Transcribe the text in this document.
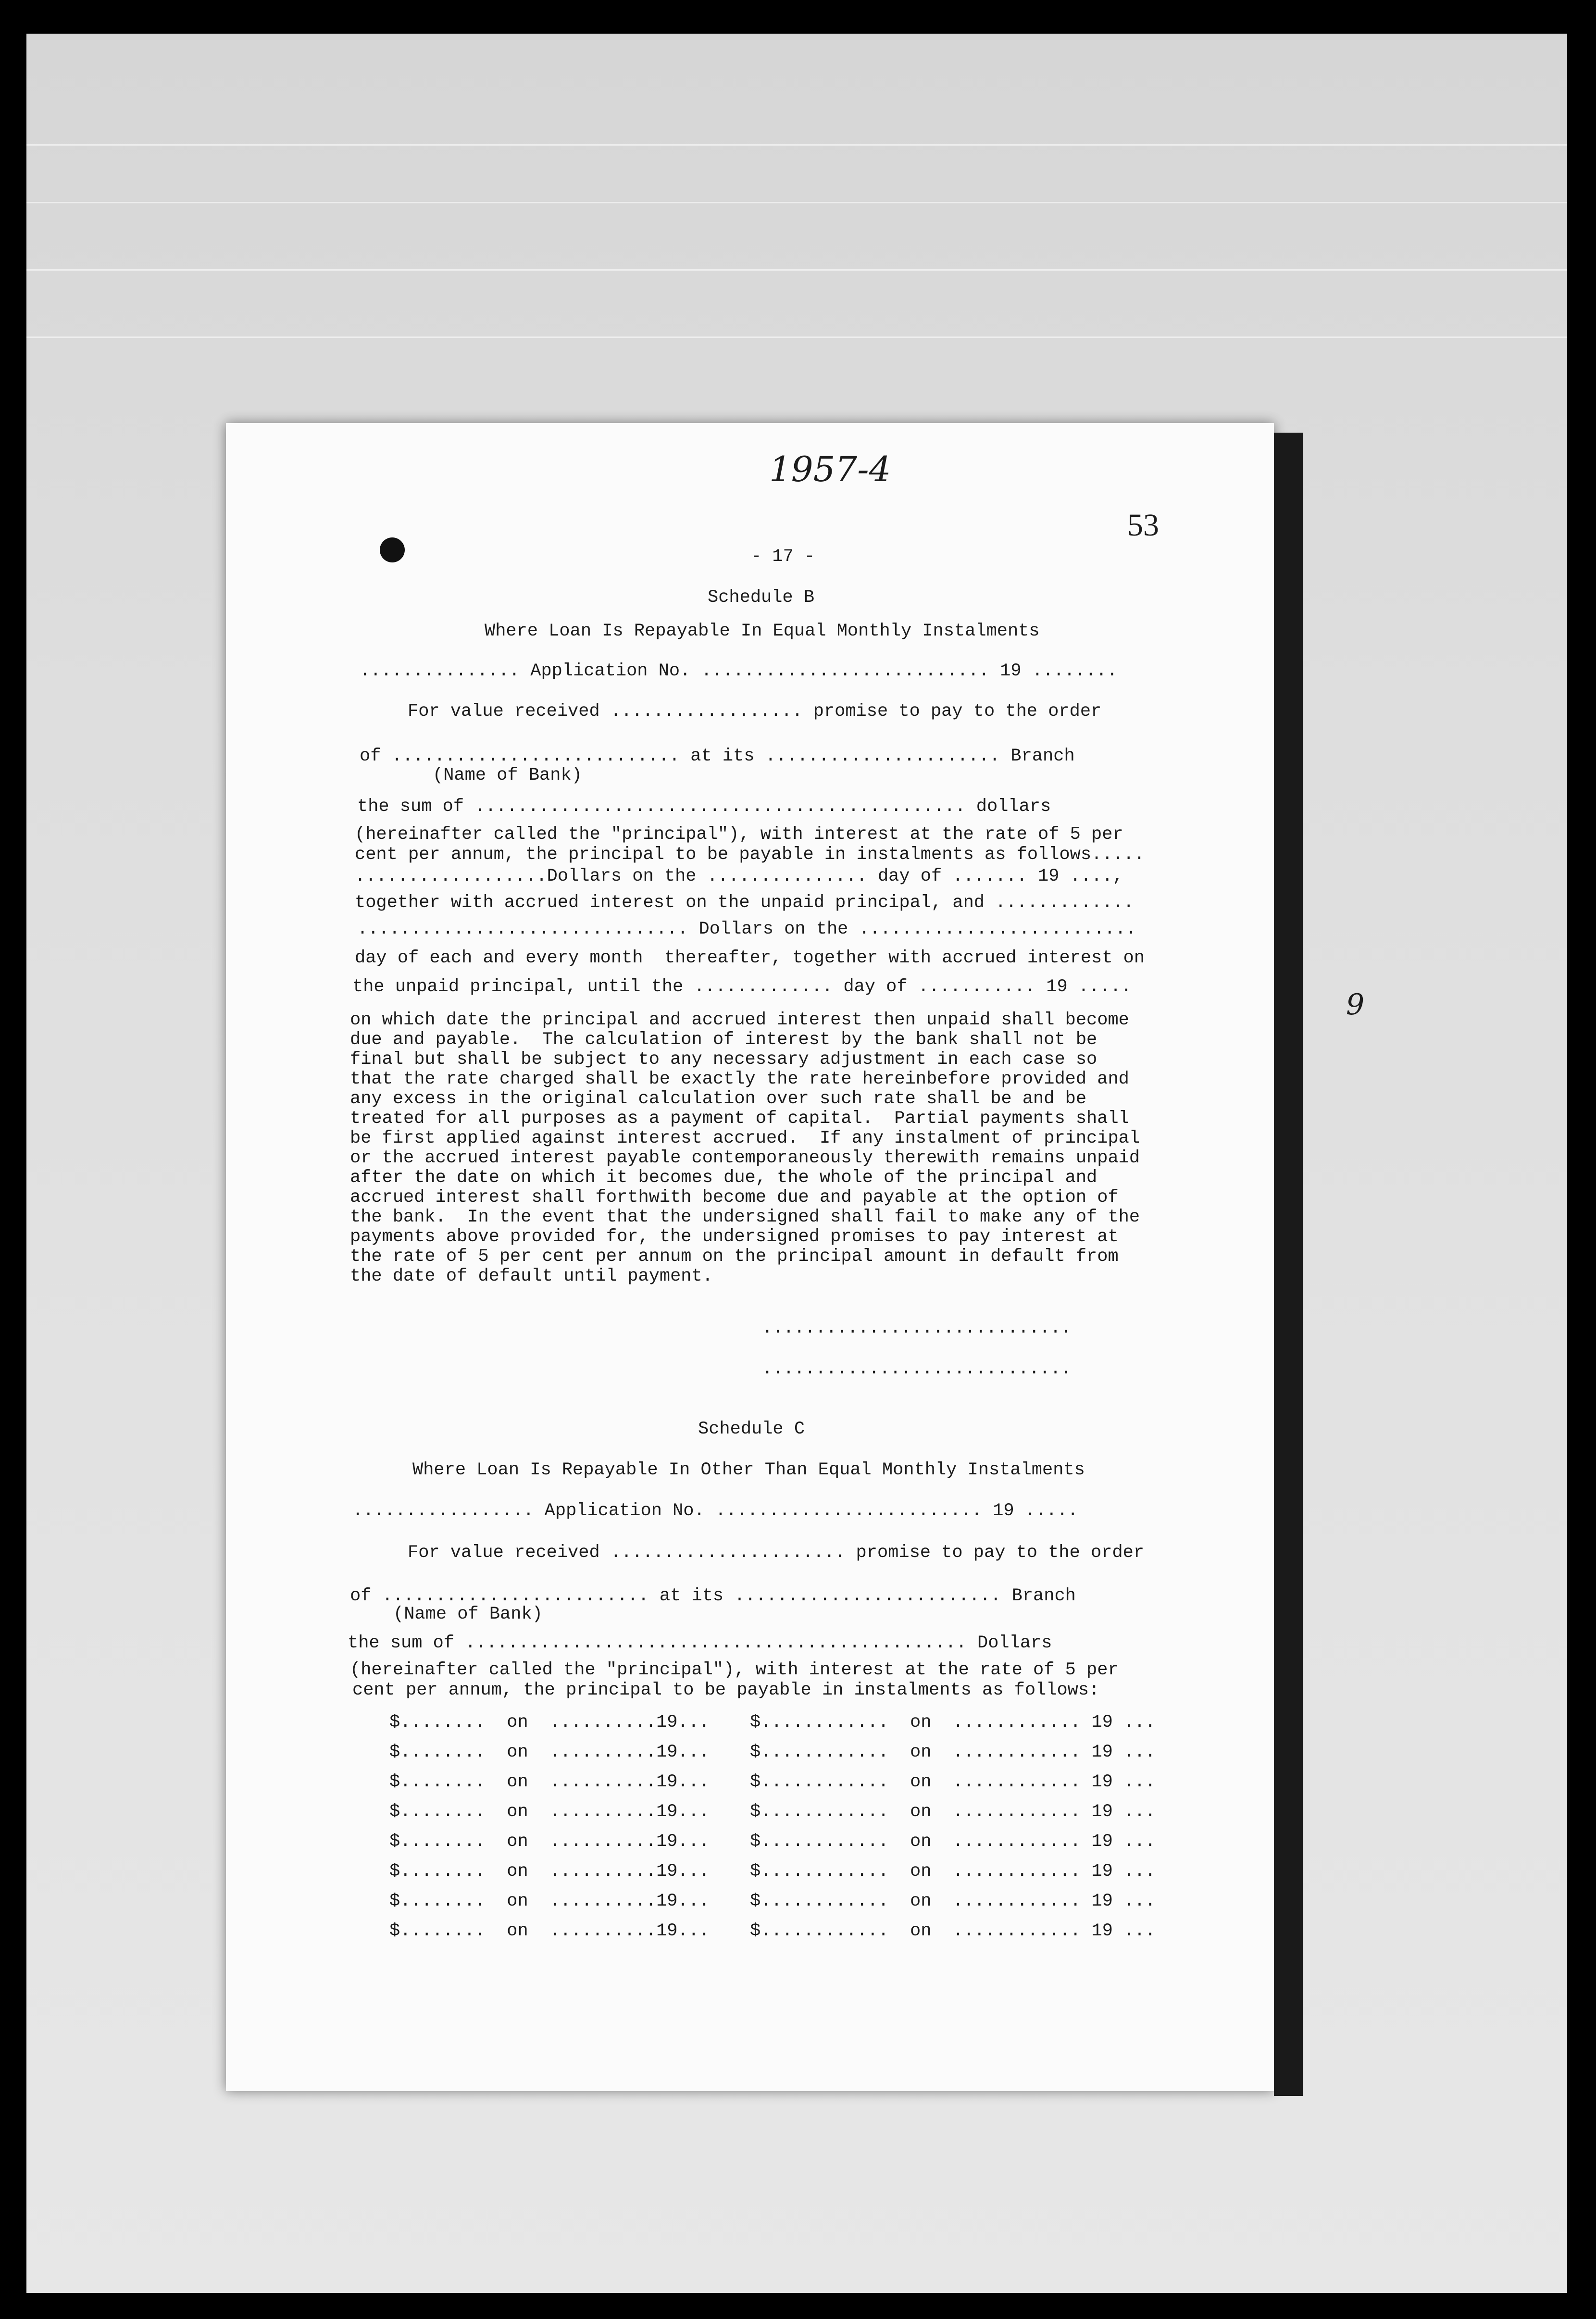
1957-4
53
- 17 -
Schedule B
Where Loan Is Repayable In Equal Monthly Instalments
............... Application No. ........................... 19 ........
For value received .................. promise to pay to the order
of ........................... at its ...................... Branch
(Name of Bank)
the sum of .............................................. dollars
(hereinafter called the "principal"), with interest at the rate of 5 per
cent per annum, the principal to be payable in instalments as follows.....
..................Dollars on the ............... day of ....... 19 ....,
together with accrued interest on the unpaid principal, and .............
............................... Dollars on the ..........................
day of each and every month  thereafter, together with accrued interest on
the unpaid principal, until the ............. day of ........... 19 .....
on which date the principal and accrued interest then unpaid shall become
due and payable.  The calculation of interest by the bank shall not be
final but shall be subject to any necessary adjustment in each case so
that the rate charged shall be exactly the rate hereinbefore provided and
any excess in the original calculation over such rate shall be and be
treated for all purposes as a payment of capital.  Partial payments shall
be first applied against interest accrued.  If any instalment of principal
or the accrued interest payable contemporaneously therewith remains unpaid
after the date on which it becomes due, the whole of the principal and
accrued interest shall forthwith become due and payable at the option of
the bank.  In the event that the undersigned shall fail to make any of the
payments above provided for, the undersigned promises to pay interest at
the rate of 5 per cent per annum on the principal amount in default from
the date of default until payment.
.............................
.............................
Schedule C
Where Loan Is Repayable In Other Than Equal Monthly Instalments
................. Application No. ......................... 19 .....
For value received ...................... promise to pay to the order
of ......................... at its ......................... Branch
(Name of Bank)
the sum of ............................................... Dollars
(hereinafter called the "principal"), with interest at the rate of 5 per
cent per annum, the principal to be payable in instalments as follows:
$........  on  ..........19... $............  on  ............ 19 ...
$........  on  ..........19... $............  on  ............ 19 ...
$........  on  ..........19... $............  on  ............ 19 ...
$........  on  ..........19... $............  on  ............ 19 ...
$........  on  ..........19... $............  on  ............ 19 ...
$........  on  ..........19... $............  on  ............ 19 ...
$........  on  ..........19... $............  on  ............ 19 ...
$........  on  ..........19... $............  on  ............ 19 ...
9
